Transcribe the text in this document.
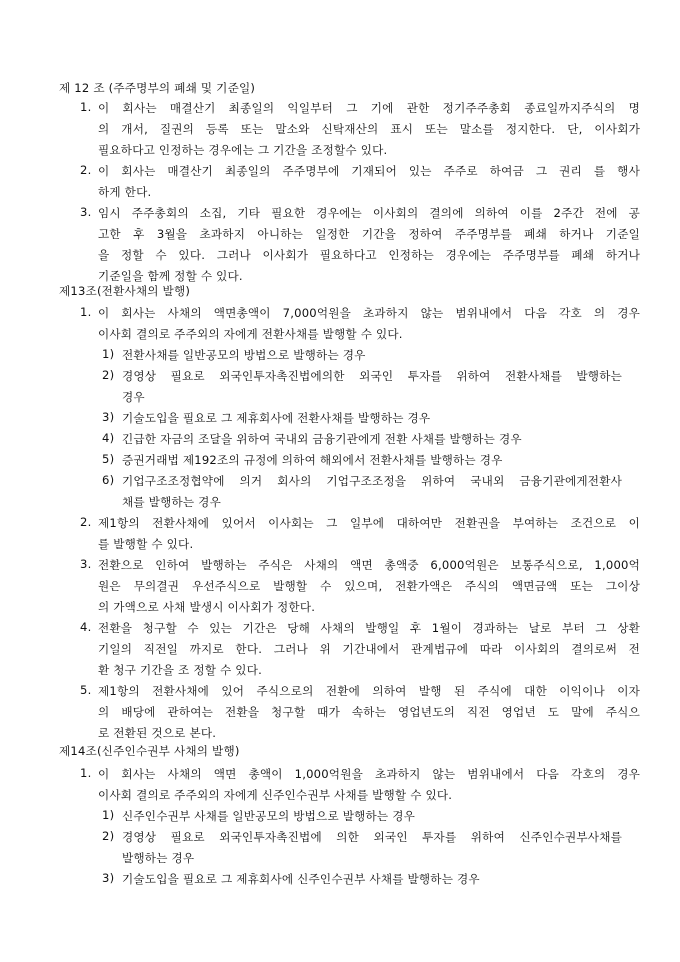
제 12 조 (주주명부의 폐쇄 및 기준일)
1. 이 회사는 매결산기 최종일의 익일부터 그 기에 관한 정기주주총회 종료일까지주식의 명
의 개서, 질권의 등록 또는 말소와 신탁재산의 표시 또는 말소를 정지한다. 단, 이사회가
필요하다고 인정하는 경우에는 그 기간을 조정할수 있다.
2. 이 회사는 매결산기 최종일의 주주명부에 기재되어 있는 주주로 하여금 그 권리 를 행사
하게 한다.
3. 임시 주주총회의 소집, 기타 필요한 경우에는 이사회의 결의에 의하여 이를 2주간 전에 공
고한 후 3월을 초과하지 아니하는 일정한 기간을 정하여 주주명부를 폐쇄 하거나 기준일
을 정할 수 있다. 그러나 이사회가 필요하다고 인정하는 경우에는 주주명부를 폐쇄 하거나
기준일을 함께 정할 수 있다.
제13조(전환사채의 발행)
1. 이 회사는 사채의 액면총액이 7,000억원을 초과하지 않는 범위내에서 다음 각호 의 경우
이사회 결의로 주주외의 자에게 전환사채를 발행할 수 있다.
1) 전환사채를 일반공모의 방법으로 발행하는 경우
2) 경영상 필요로 외국인투자촉진법에의한 외국인 투자를 위하여 전환사채를 발행하는
경우
3) 기술도입을 필요로 그 제휴회사에 전환사채를 발행하는 경우
4) 긴급한 자금의 조달을 위하여 국내외 금융기관에게 전환 사채를 발행하는 경우
5) 증권거래법 제192조의 규정에 의하여 해외에서 전환사채를 발행하는 경우
6) 기업구조조정협약에 의거 회사의 기업구조조정을 위하여 국내외 금융기관에게전환사
채를 발행하는 경우
2. 제1항의 전환사채에 있어서 이사회는 그 일부에 대하여만 전환권을 부여하는 조건으로 이
를 발행할 수 있다.
3. 전환으로 인하여 발행하는 주식은 사채의 액면 총액중 6,000억원은 보통주식으로, 1,000억
원은 무의결권 우선주식으로 발행할 수 있으며, 전환가액은 주식의 액면금액 또는 그이상
의 가액으로 사채 발생시 이사회가 정한다.
4. 전환을 청구할 수 있는 기간은 당해 사채의 발행일 후 1월이 경과하는 날로 부터 그 상환
기일의 직전일 까지로 한다. 그러나 위 기간내에서 관계법규에 따라 이사회의 결의로써 전
환 청구 기간을 조 정할 수 있다.
5. 제1항의 전환사채에 있어 주식으로의 전환에 의하여 발행 된 주식에 대한 이익이나 이자
의 배당에 관하여는 전환을 청구할 때가 속하는 영업년도의 직전 영업년 도 말에 주식으
로 전환된 것으로 본다.
제14조(신주인수권부 사채의 발행)
1. 이 회사는 사채의 액면 총액이 1,000억원을 초과하지 않는 범위내에서 다음 각호의 경우
이사회 결의로 주주외의 자에게 신주인수권부 사채를 발행할 수 있다.
1) 신주인수권부 사채를 일반공모의 방법으로 발행하는 경우
2) 경영상 필요로 외국인투자촉진법에 의한 외국인 투자를 위하여 신주인수권부사채를
발행하는 경우
3) 기술도입을 필요로 그 제휴회사에 신주인수권부 사채를 발행하는 경우
